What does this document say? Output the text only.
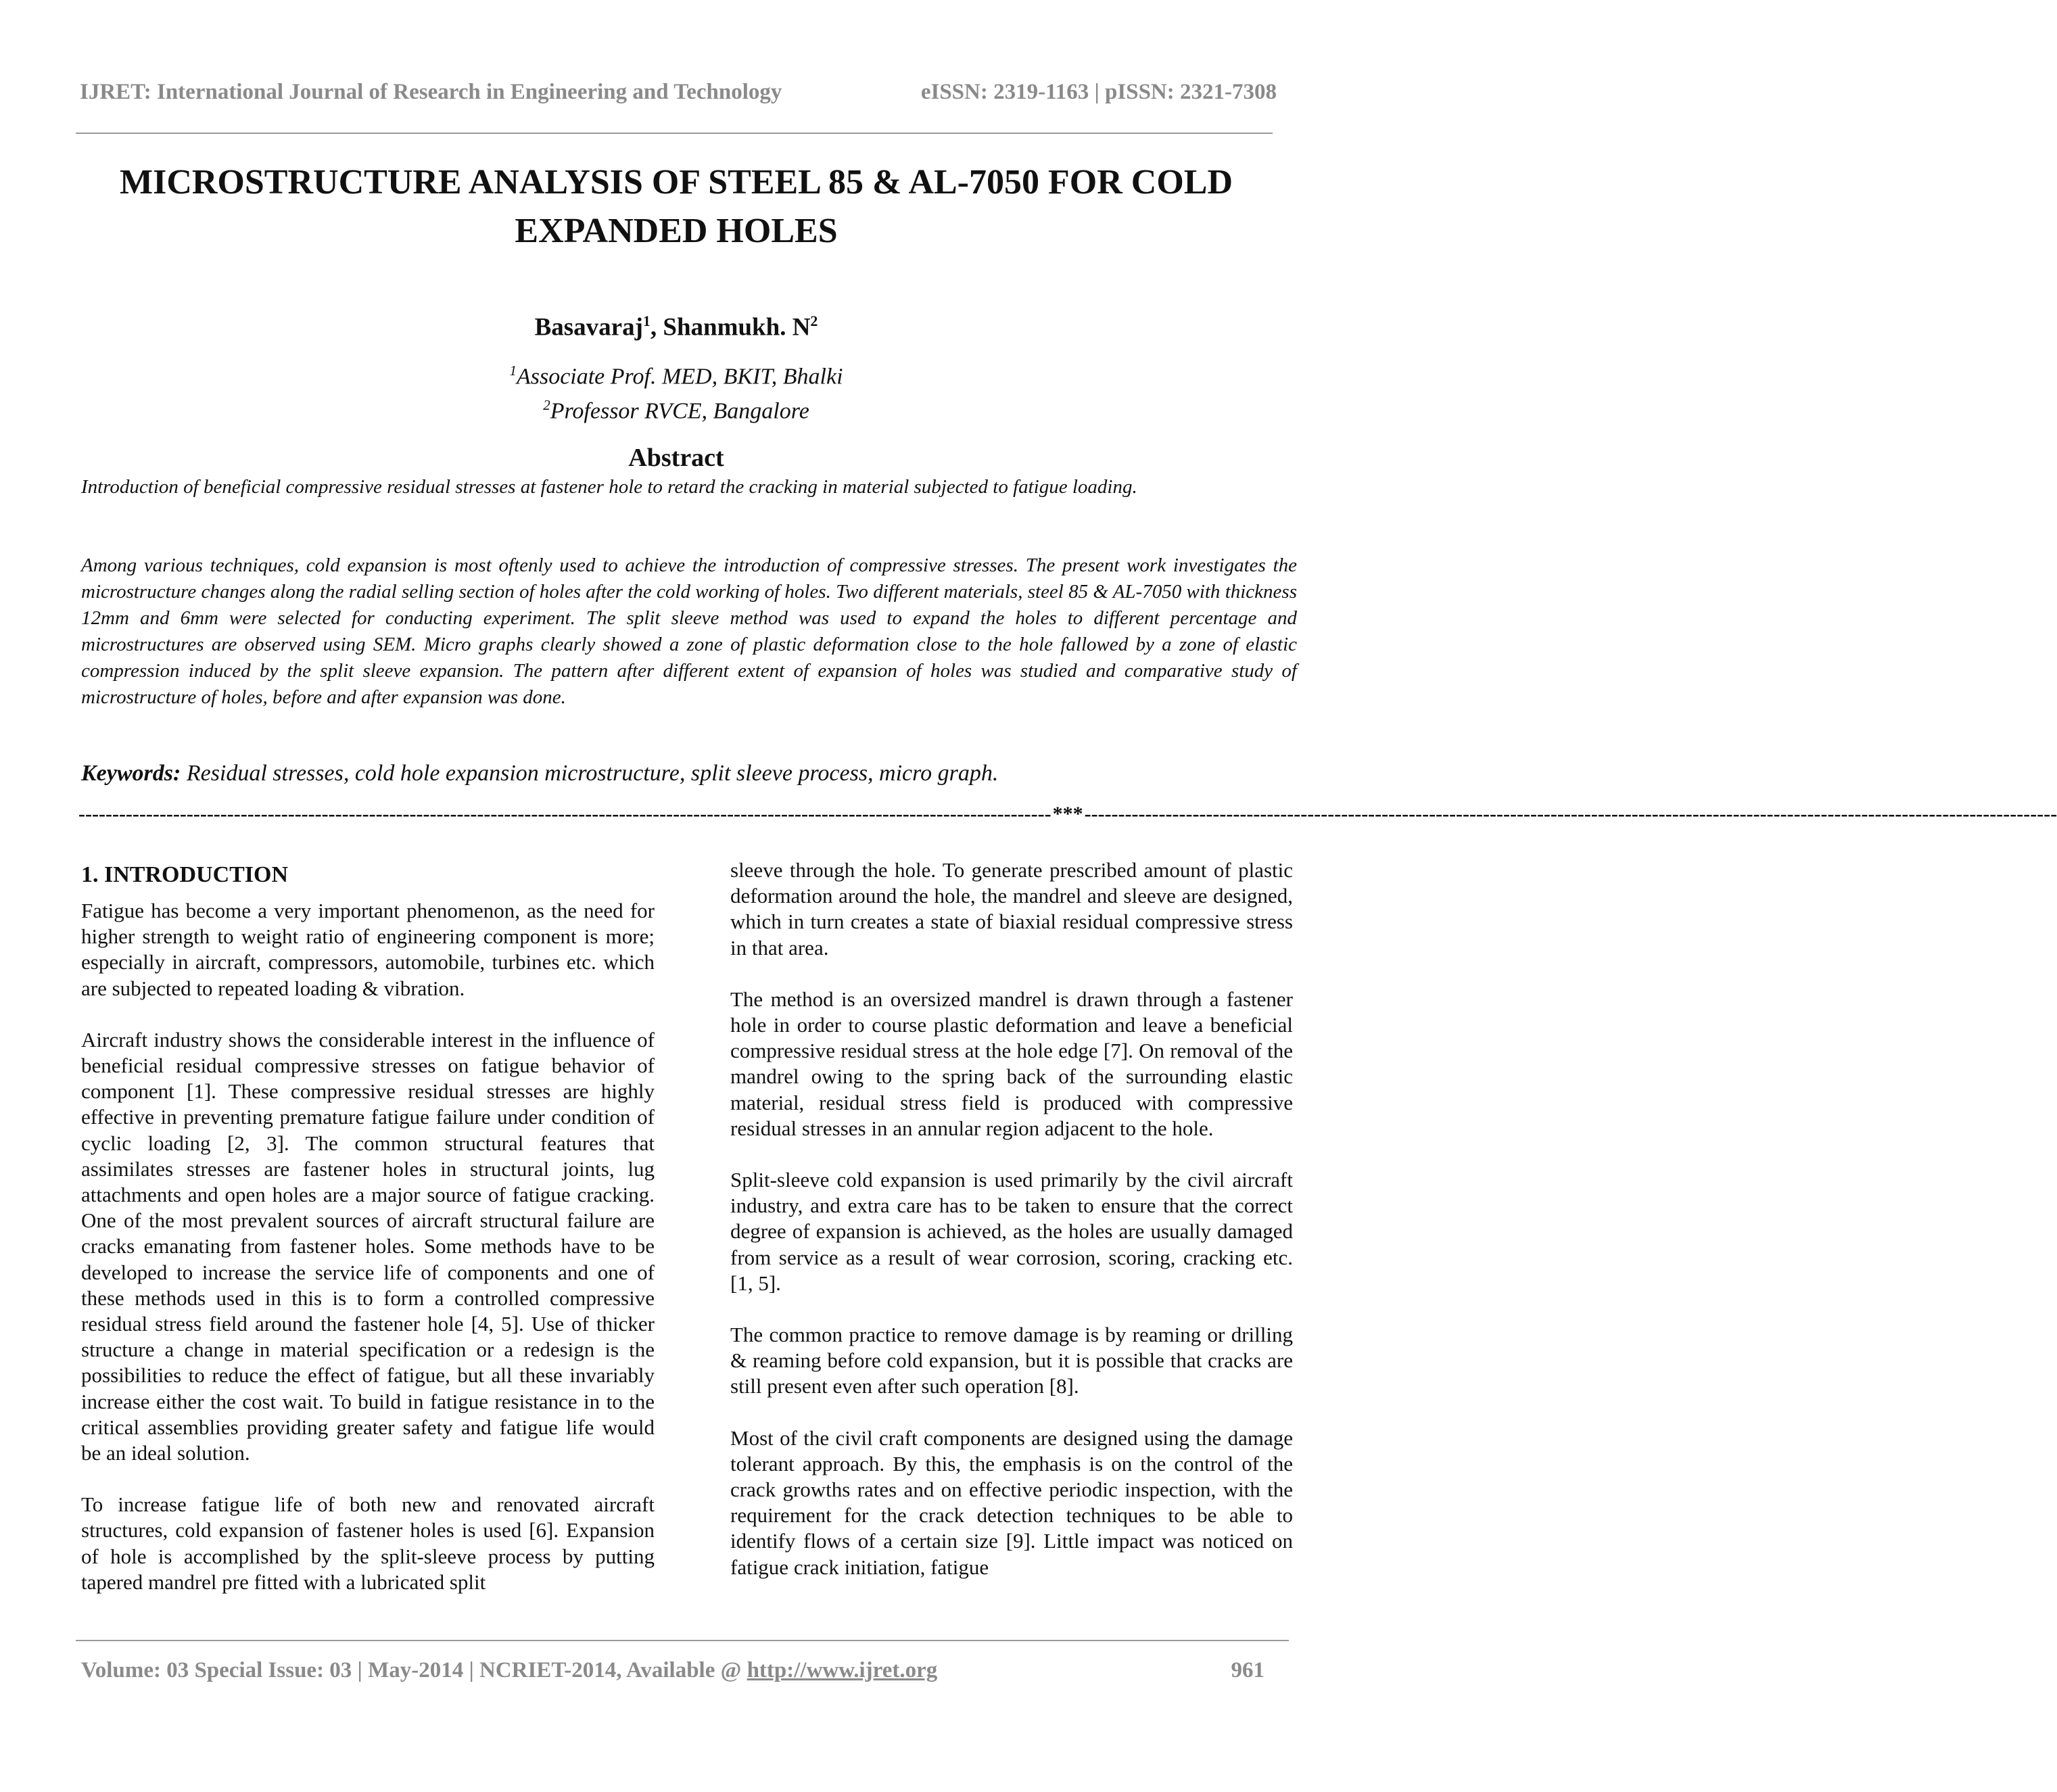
IJRET: International Journal of Research in Engineering and Technology	eISSN: 2319-1163 | pISSN: 2321-7308
MICROSTRUCTURE ANALYSIS OF STEEL 85 & AL-7050 FOR COLD
EXPANDED HOLES
Basavaraj$^1$, Shanmukh. $N^2$
$^1$Associate Prof. MED, BKIT, Bhalki
$^2$Professor RVCE, Bangalore
Abstract
Introduction of beneficial compressive residual stresses at fastener hole to retard the cracking in material subjected to fatigue loading.
Among various techniques, cold expansion is most oftenly used to achieve the introduction of compressive stresses. The present work investigates the microstructure changes along the radial selling section of holes after the cold working of holes. Two different materials, steel 85 & AL-7050 with thickness 12mm and 6mm were selected for conducting experiment. The split sleeve method was used to expand the holes to different percentage and microstructures are observed using SEM. Micro graphs clearly showed a zone of plastic deformation close to the hole fallowed by a zone of elastic compression induced by the split sleeve expansion. The pattern after different extent of expansion of holes was studied and comparative study of microstructure of holes, before and after expansion was done.
Keywords: Residual stresses, cold hole expansion microstructure, split sleeve process, micro graph.
------------------------------------------------------------------------------------------------------------------------------------------------ *** ------------------------------------------------------------------------------------------------------------------------------------------------
1. INTRODUCTION

Fatigue has become a very important phenomenon, as the need for higher strength to weight ratio of engineering component is more; especially in aircraft, compressors, automobile, turbines etc. which are subjected to repeated loading & vibration.

Aircraft industry shows the considerable interest in the influence of beneficial residual compressive stresses on fatigue behavior of component [1]. These compressive residual stresses are highly effective in preventing premature fatigue failure under condition of cyclic loading [2, 3]. The common structural features that assimilates stresses are fastener holes in structural joints, lug attachments and open holes are a major source of fatigue cracking. One of the most prevalent sources of aircraft structural failure are cracks emanating from fastener holes. Some methods have to be developed to increase the service life of components and one of these methods used in this is to form a controlled compressive residual stress field around the fastener hole [4, 5]. Use of thicker structure a change in material specification or a redesign is the possibilities to reduce the effect of fatigue, but all these invariably increase either the cost wait. To build in fatigue resistance in to the critical assemblies providing greater safety and fatigue life would be an ideal solution.

To increase fatigue life of both new and renovated aircraft structures, cold expansion of fastener holes is used [6]. Expansion of hole is accomplished by the split-sleeve process by putting tapered mandrel pre fitted with a lubricated split

sleeve through the hole. To generate prescribed amount of plastic deformation around the hole, the mandrel and sleeve are designed, which in turn creates a state of biaxial residual compressive stress in that area.

The method is an oversized mandrel is drawn through a fastener hole in order to course plastic deformation and leave a beneficial compressive residual stress at the hole edge [7]. On removal of the mandrel owing to the spring back of the surrounding elastic material, residual stress field is produced with compressive residual stresses in an annular region adjacent to the hole.

Split-sleeve cold expansion is used primarily by the civil aircraft industry, and extra care has to be taken to ensure that the correct degree of expansion is achieved, as the holes are usually damaged from service as a result of wear corrosion, scoring, cracking etc. [1, 5].

The common practice to remove damage is by reaming or drilling & reaming before cold expansion, but it is possible that cracks are still present even after such operation [8].

Most of the civil craft components are designed using the damage tolerant approach. By this, the emphasis is on the control of the crack growths rates and on effective periodic inspection, with the requirement for the crack detection techniques to be able to identify flows of a certain size [9]. Little impact was noticed on fatigue crack initiation, fatigue

Volume: 03 Special Issue: 03 | May-2014 | NCRIET-2014, Available @ http://www.ijret.org	961
